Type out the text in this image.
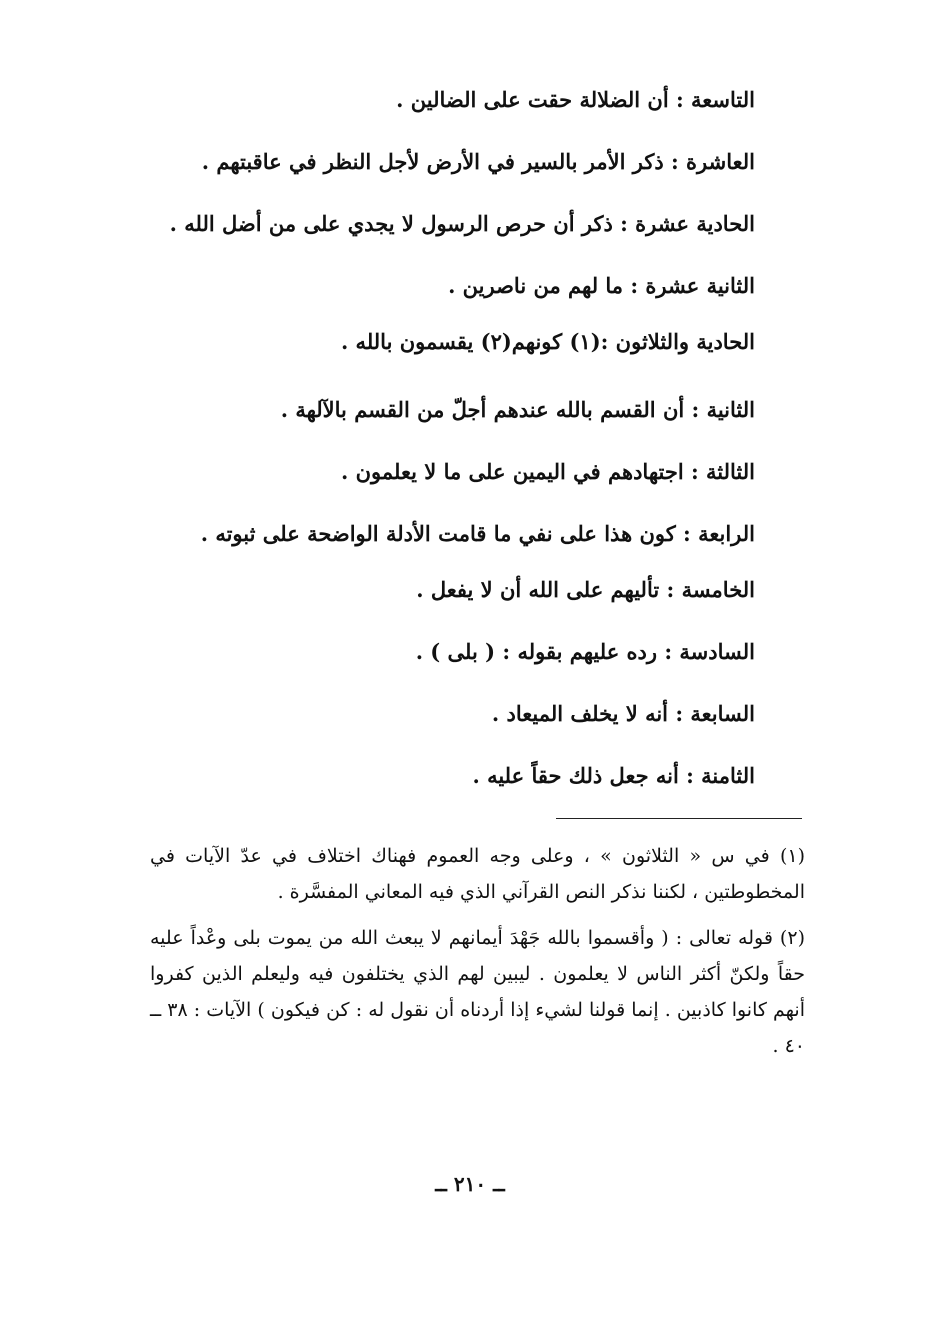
التاسعة : أن الضلالة حقت على الضالين .
العاشرة : ذكر الأمر بالسير في الأرض لأجل النظر في عاقبتهم .
الحادية عشرة : ذكر أن حرص الرسول لا يجدي على من أضل الله .
الثانية عشرة : ما لهم من ناصرين .
الحادية والثلاثون :(١) كونهم(٢) يقسمون بالله .
الثانية : أن القسم بالله عندهم أجلّ من القسم بالآلهة .
الثالثة : اجتهادهم في اليمين على ما لا يعلمون .
الرابعة : كون هذا على نفي ما قامت الأدلة الواضحة على ثبوته .
الخامسة : تأليهم على الله أن لا يفعل .
السادسة : رده عليهم بقوله : ( بلى ) .
السابعة : أنه لا يخلف الميعاد .
الثامنة : أنه جعل ذلك حقاً عليه .

(١) في س « الثلاثون » ، وعلى وجه العموم فهناك اختلاف في عدّ الآيات في المخطوطتين ، لكننا نذكر النص القرآني الذي فيه المعاني المفسَّرة .

(٢) قوله تعالى : ( وأقسموا بالله جَهْدَ أيمانهم لا يبعث الله من يموت بلى وعْداً عليه حقاً ولكنّ أكثر الناس لا يعلمون . ليبين لهم الذي يختلفون فيه وليعلم الذين كفروا أنهم كانوا كاذبين . إنما قولنا لشيء إذا أردناه أن نقول له : كن فيكون ) الآيات : ٣٨ ــ ٤٠ .

ــ ٢١٠ ــ
